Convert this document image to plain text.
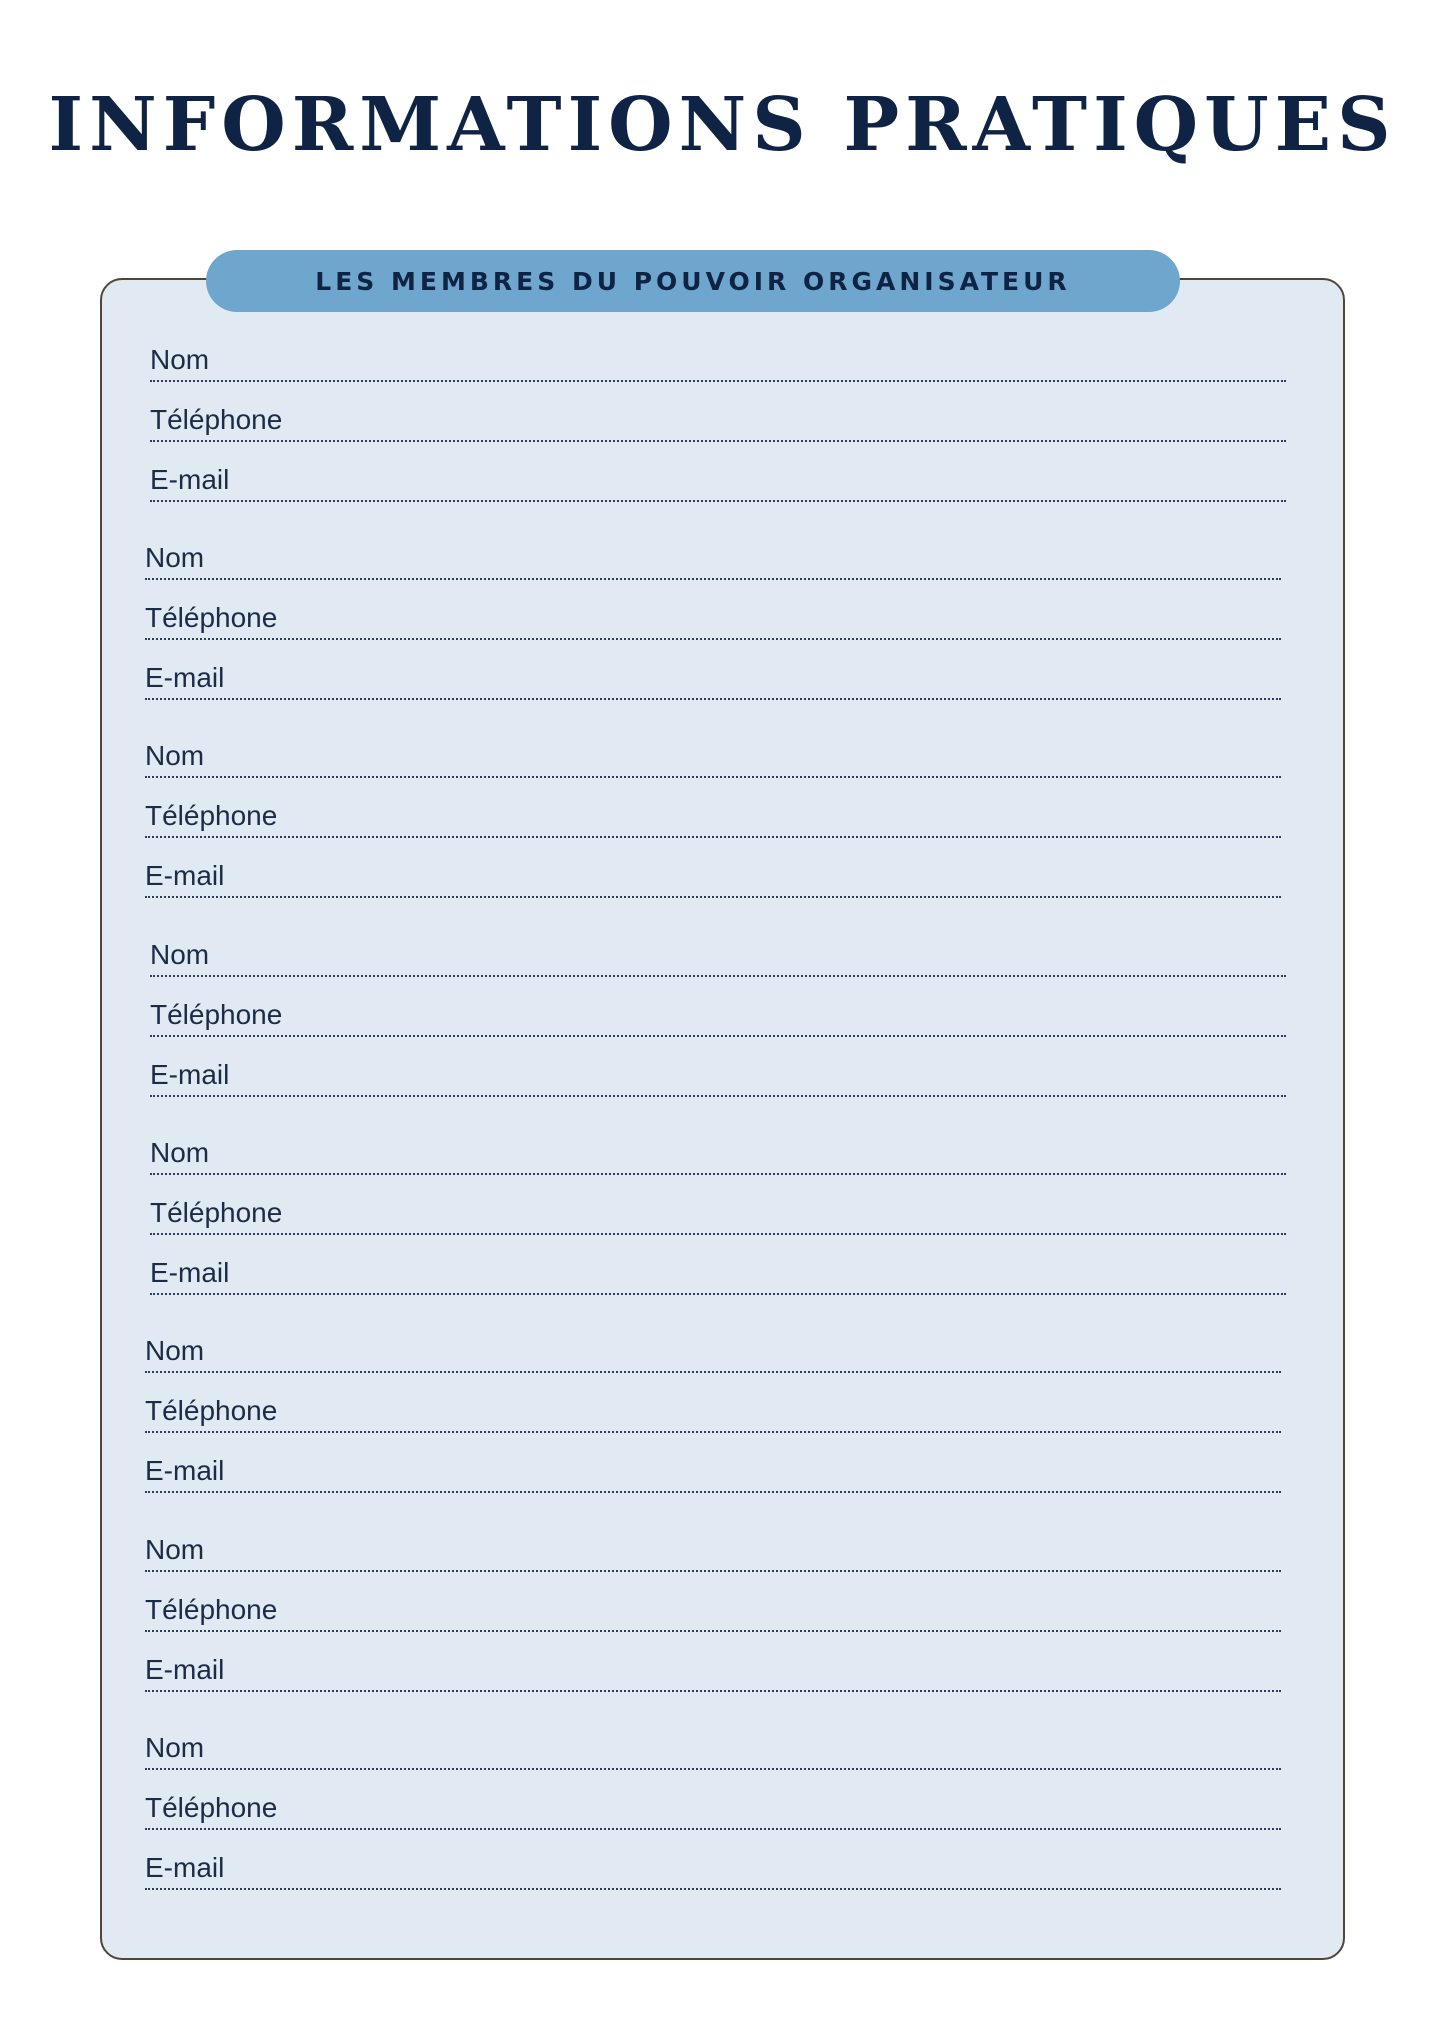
INFORMATIONS PRATIQUES
LES MEMBRES DU POUVOIR ORGANISATEUR
Nom
Téléphone
E-mail
Nom
Téléphone
E-mail
Nom
Téléphone
E-mail
Nom
Téléphone
E-mail
Nom
Téléphone
E-mail
Nom
Téléphone
E-mail
Nom
Téléphone
E-mail
Nom
Téléphone
E-mail
